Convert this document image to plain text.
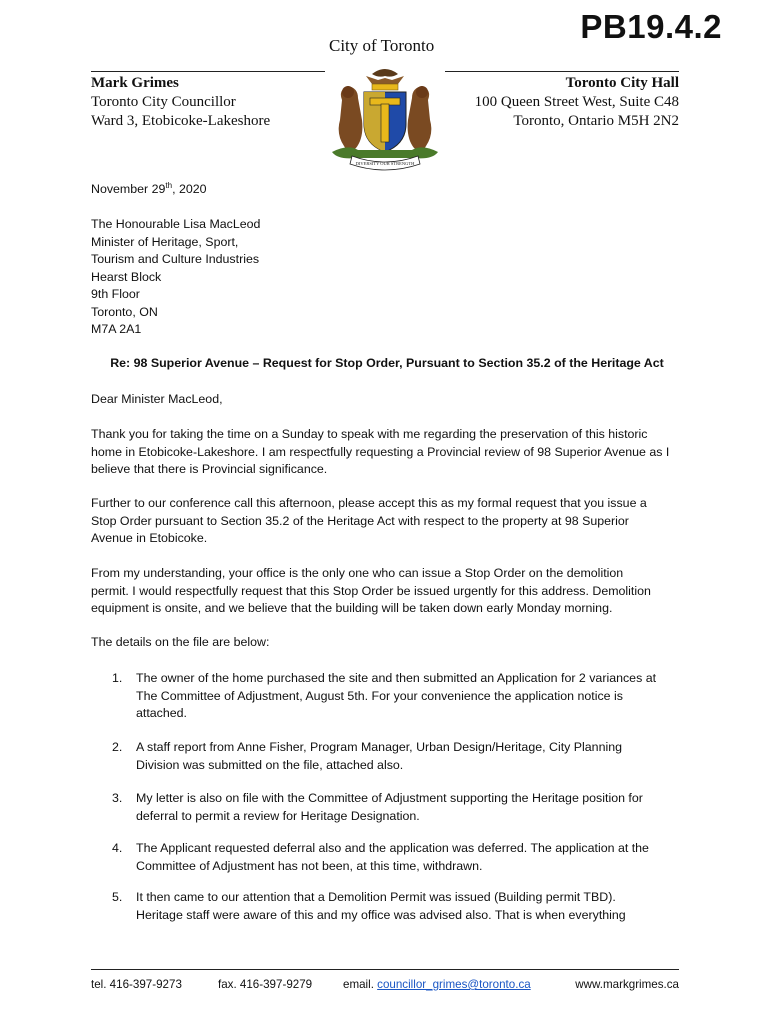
PB19.4.2
City of Toronto
Mark Grimes
Toronto City Councillor
Ward 3, Etobicoke-Lakeshore
Toronto City Hall
100 Queen Street West, Suite C48
Toronto, Ontario M5H 2N2
DIVERSITY OUR STRENGTH
November 29th, 2020
The Honourable Lisa MacLeod
Minister of Heritage, Sport,
Tourism and Culture Industries
Hearst Block
9th Floor
Toronto, ON
M7A 2A1
Re: 98 Superior Avenue – Request for Stop Order, Pursuant to Section 35.2 of the Heritage Act
Dear Minister MacLeod,
Thank you for taking the time on a Sunday to speak with me regarding the preservation of this historic
home in Etobicoke-Lakeshore. I am respectfully requesting a Provincial review of 98 Superior Avenue as I
believe that there is Provincial significance.
Further to our conference call this afternoon, please accept this as my formal request that you issue a
Stop Order pursuant to Section 35.2 of the Heritage Act with respect to the property at 98 Superior
Avenue in Etobicoke.
From my understanding, your office is the only one who can issue a Stop Order on the demolition
permit. I would respectfully request that this Stop Order be issued urgently for this address. Demolition
equipment is onsite, and we believe that the building will be taken down early Monday morning.
The details on the file are below:
1.	The owner of the home purchased the site and then submitted an Application for 2 variances at
The Committee of Adjustment, August 5th. For your convenience the application notice is
attached.
2.	A staff report from Anne Fisher, Program Manager, Urban Design/Heritage, City Planning
Division was submitted on the file, attached also.
3.	My letter is also on file with the Committee of Adjustment supporting the Heritage position for
deferral to permit a review for Heritage Designation.
4.	The Applicant requested deferral also and the application was deferred. The application at the
Committee of Adjustment has not been, at this time, withdrawn.
5.	It then came to our attention that a Demolition Permit was issued (Building permit TBD).
Heritage staff were aware of this and my office was advised also. That is when everything
tel. 416-397-9273	fax. 416-397-9279	email. councillor_grimes@toronto.ca	www.markgrimes.ca
